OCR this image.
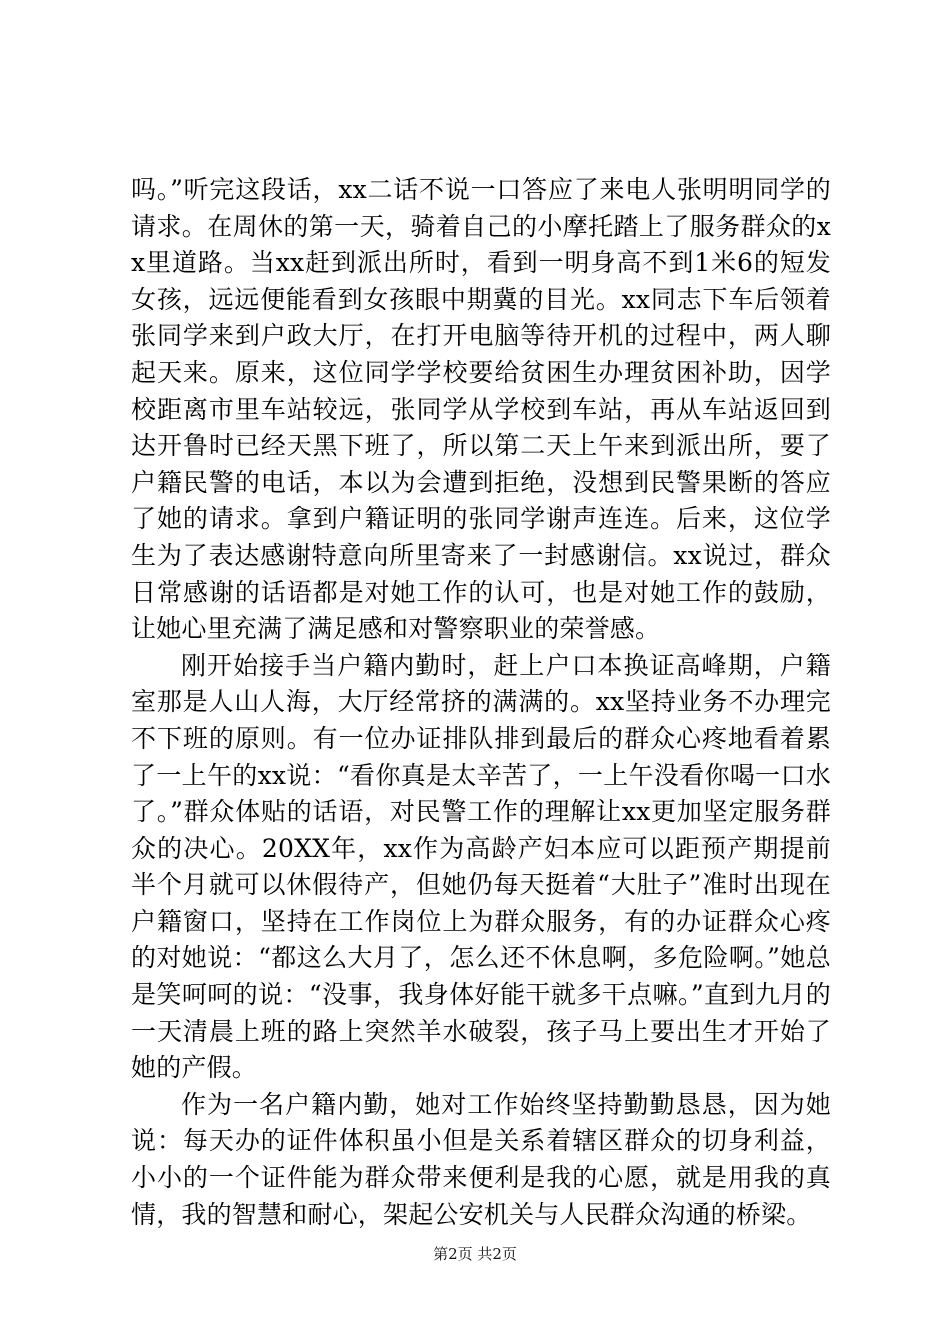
吗。”听完这段话，xx二话不说一口答应了来电人张明明同学的请求。在周休的第一天，骑着自己的小摩托踏上了服务群众的xx里道路。当xx赶到派出所时，看到一明身高不到1米6的短发女孩，远远便能看到女孩眼中期冀的目光。xx同志下车后领着张同学来到户政大厅，在打开电脑等待开机的过程中，两人聊起天来。原来，这位同学学校要给贫困生办理贫困补助，因学校距离市里车站较远，张同学从学校到车站，再从车站返回到达开鲁时已经天黑下班了，所以第二天上午来到派出所，要了户籍民警的电话，本以为会遭到拒绝，没想到民警果断的答应了她的请求。拿到户籍证明的张同学谢声连连。后来，这位学生为了表达感谢特意向所里寄来了一封感谢信。xx说过，群众日常感谢的话语都是对她工作的认可，也是对她工作的鼓励，让她心里充满了满足感和对警察职业的荣誉感。

刚开始接手当户籍内勤时，赶上户口本换证高峰期，户籍室那是人山人海，大厅经常挤的满满的。xx坚持业务不办理完不下班的原则。有一位办证排队排到最后的群众心疼地看着累了一上午的xx说：“看你真是太辛苦了，一上午没看你喝一口水了。”群众体贴的话语，对民警工作的理解让xx更加坚定服务群众的决心。20XX年，xx作为高龄产妇本应可以距预产期提前半个月就可以休假待产，但她仍每天挺着“大肚子”准时出现在户籍窗口，坚持在工作岗位上为群众服务，有的办证群众心疼的对她说：“都这么大月了，怎么还不休息啊，多危险啊。”她总是笑呵呵的说：“没事，我身体好能干就多干点嘛。”直到九月的一天清晨上班的路上突然羊水破裂，孩子马上要出生才开始了她的产假。

作为一名户籍内勤，她对工作始终坚持勤勤恳恳，因为她说：每天办的证件体积虽小但是关系着辖区群众的切身利益，小小的一个证件能为群众带来便利是我的心愿，就是用我的真情，我的智慧和耐心，架起公安机关与人民群众沟通的桥梁。

第2页 共2页
